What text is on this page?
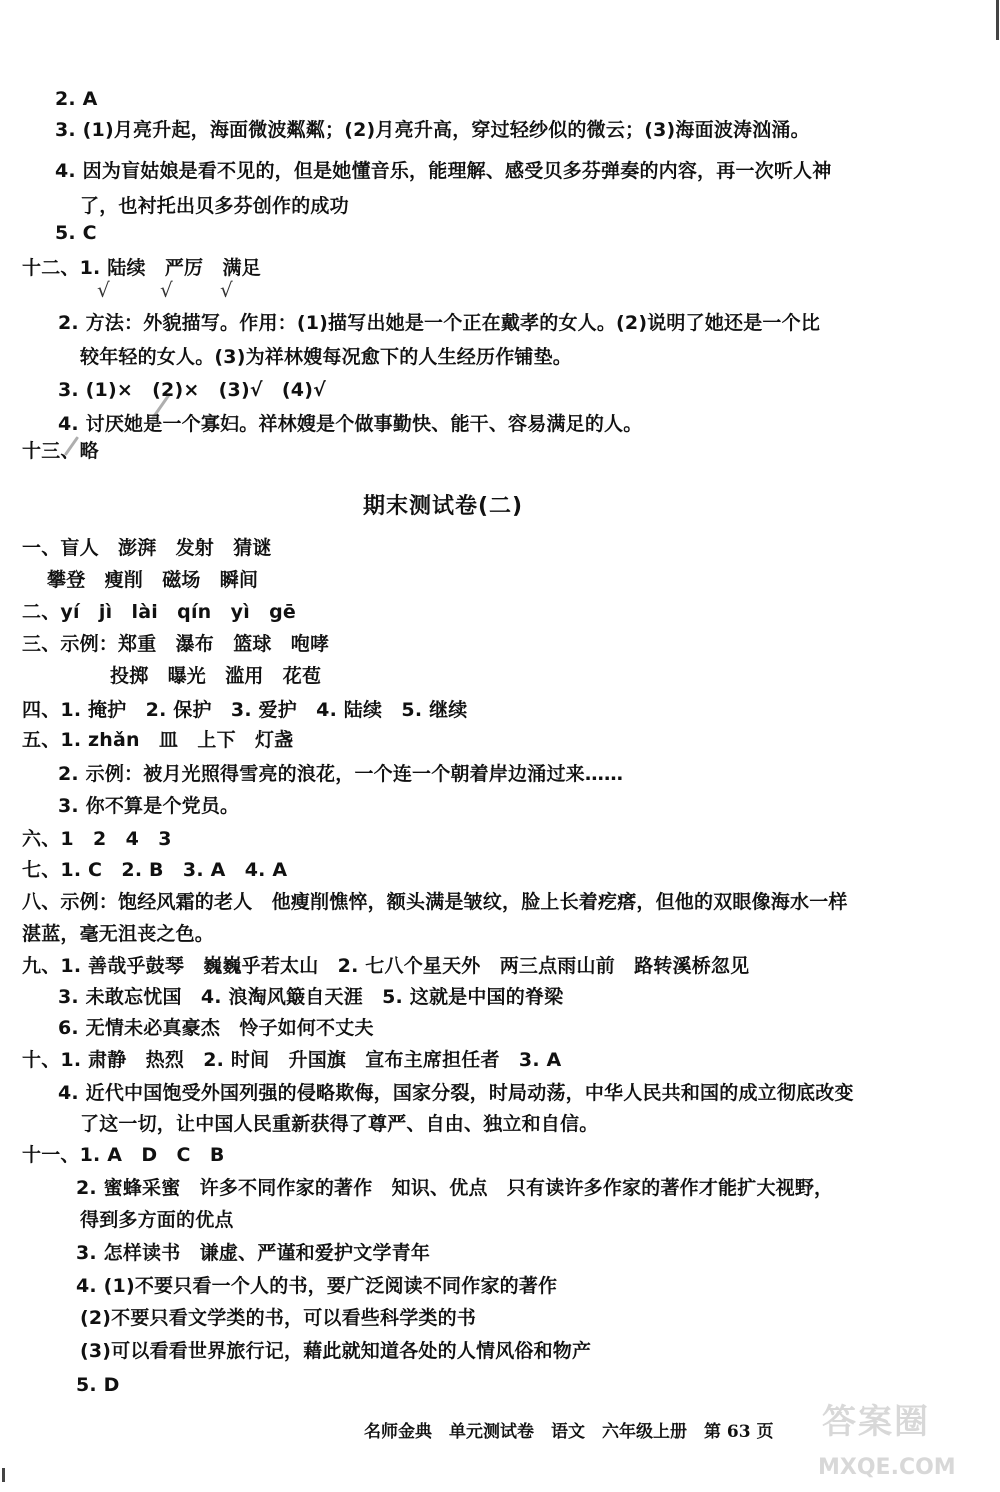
√	√ √
2. A
3. (1)月亮升起，海面微波粼粼；(2)月亮升高，穿过轻纱似的微云；(3)海面波涛汹涌。
4. 因为盲姑娘是看不见的，但是她懂音乐，能理解、感受贝多芬弹奏的内容，再一次听人神
了，也衬托出贝多芬创作的成功
5. C
十二、1. 陆续　严厉　满足
2. 方法：外貌描写。作用：(1)描写出她是一个正在戴孝的女人。(2)说明了她还是一个比
较年轻的女人。(3)为祥林嫂每况愈下的人生经历作铺垫。
3. (1)×　(2)×　(3)√　(4)√
4. 讨厌她是一个寡妇。祥林嫂是个做事勤快、能干、容易满足的人。
十三、略
期末测试卷(二)
一、盲人　澎湃　发射　猜谜
攀登　瘦削　磁场　瞬间
二、yí　jì　lài　qín　yì　gē
三、示例：郑重　瀑布　篮球　咆哮
投掷　曝光　滥用　花苞
四、1. 掩护　2. 保护　3. 爱护　4. 陆续　5. 继续
五、1. zhǎn　皿　上下　灯盏
2. 示例：被月光照得雪亮的浪花，一个连一个朝着岸边涌过来……
3. 你不算是个党员。
六、1　2　4　3
七、1. C　2. B　3. A　4. A
八、示例：饱经风霜的老人　他瘦削憔悴，额头满是皱纹，脸上长着疙瘩，但他的双眼像海水一样
湛蓝，毫无沮丧之色。
九、1. 善哉乎鼓琴　巍巍乎若太山　2. 七八个星天外　两三点雨山前　路转溪桥忽见
3. 未敢忘忧国　4. 浪淘风簸自天涯　5. 这就是中国的脊梁
6. 无情未必真豪杰　怜子如何不丈夫
十、1. 肃静　热烈　2. 时间　升国旗　宣布主席担任者　3. A
4. 近代中国饱受外国列强的侵略欺侮，国家分裂，时局动荡，中华人民共和国的成立彻底改变
了这一切，让中国人民重新获得了尊严、自由、独立和自信。
十一、1. A　D　C　B
2. 蜜蜂采蜜　许多不同作家的著作　知识、优点　只有读许多作家的著作才能扩大视野，
得到多方面的优点
3. 怎样读书　谦虚、严谨和爱护文学青年
4. (1)不要只看一个人的书，要广泛阅读不同作家的著作
(2)不要只看文学类的书，可以看些科学类的书
(3)可以看看世界旅行记，藉此就知道各处的人情风俗和物产
5. D
名师金典　单元测试卷　语文　六年级上册　第 63 页 答案圈
MXQE.COM
